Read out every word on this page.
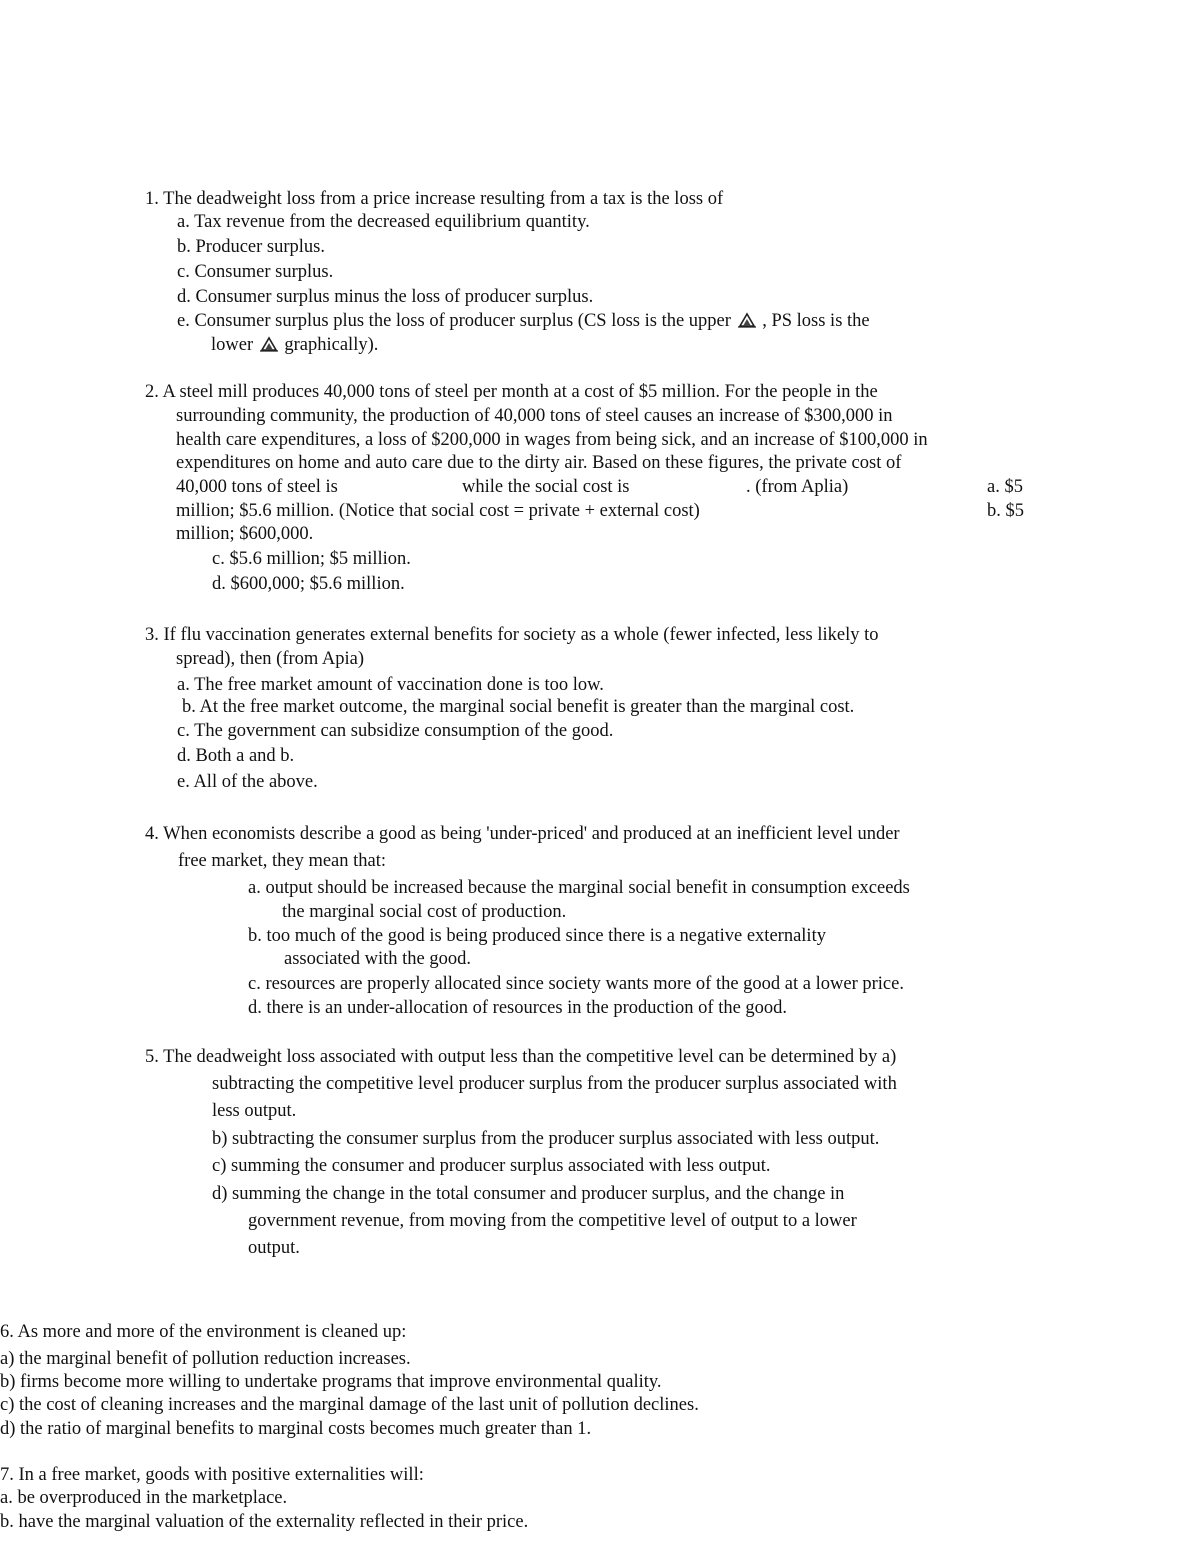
1. The deadweight loss from a price increase resulting from a tax is the loss of
a. Tax revenue from the decreased equilibrium quantity.
b. Producer surplus.
c. Consumer surplus.
d. Consumer surplus minus the loss of producer surplus.
e. Consumer surplus plus the loss of producer surplus (CS loss is the upper , PS loss is the
lower  graphically).
2. A steel mill produces 40,000 tons of steel per month at a cost of $5 million. For the people in the
surrounding community, the production of 40,000 tons of steel causes an increase of $300,000 in
health care expenditures, a loss of $200,000 in wages from being sick, and an increase of $100,000 in
expenditures on home and auto care due to the dirty air. Based on these figures, the private cost of
40,000 tons of steel is	while the social cost is	. (from Aplia)	a. $5
million; $5.6 million. (Notice that social cost = private + external cost)	b. $5
million; $600,000.
c. $5.6 million; $5 million.
d. $600,000; $5.6 million.
3. If flu vaccination generates external benefits for society as a whole (fewer infected, less likely to
spread), then (from Apia)
a. The free market amount of vaccination done is too low.
b. At the free market outcome, the marginal social benefit is greater than the marginal cost.
c. The government can subsidize consumption of the good.
d. Both a and b.
e. All of the above.
4. When economists describe a good as being 'under-priced' and produced at an inefficient level under
free market, they mean that:
a. output should be increased because the marginal social benefit in consumption exceeds
the marginal social cost of production.
b. too much of the good is being produced since there is a negative externality
associated with the good.
c. resources are properly allocated since society wants more of the good at a lower price.
d. there is an under-allocation of resources in the production of the good.
5. The deadweight loss associated with output less than the competitive level can be determined by a)
subtracting the competitive level producer surplus from the producer surplus associated with
less output.
b) subtracting the consumer surplus from the producer surplus associated with less output.
c) summing the consumer and producer surplus associated with less output.
d) summing the change in the total consumer and producer surplus, and the change in
government revenue, from moving from the competitive level of output to a lower
output.
6. As more and more of the environment is cleaned up:
a) the marginal benefit of pollution reduction increases.
b) firms become more willing to undertake programs that improve environmental quality.
c) the cost of cleaning increases and the marginal damage of the last unit of pollution declines.
d) the ratio of marginal benefits to marginal costs becomes much greater than 1.
7. In a free market, goods with positive externalities will:
a. be overproduced in the marketplace.
b. have the marginal valuation of the externality reflected in their price.
